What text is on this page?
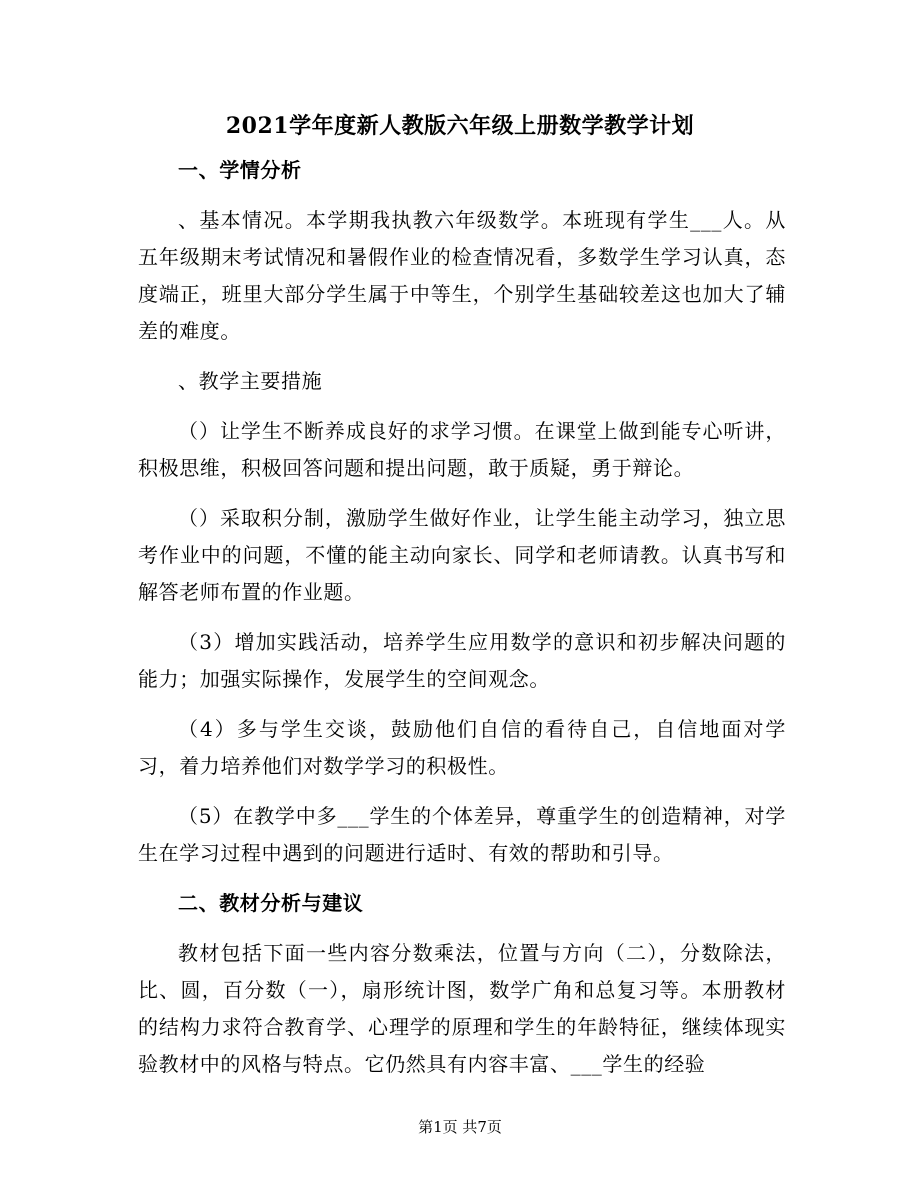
2021学年度新人教版六年级上册数学教学计划
一、学情分析

、基本情况。本学期我执教六年级数学。本班现有学生___人。从五年级期末考试情况和暑假作业的检查情况看，多数学生学习认真，态度端正，班里大部分学生属于中等生，个别学生基础较差这也加大了辅差的难度。

、教学主要措施

（）让学生不断养成良好的求学习惯。在课堂上做到能专心听讲，积极思维，积极回答问题和提出问题，敢于质疑，勇于辩论。

（）采取积分制，激励学生做好作业，让学生能主动学习，独立思考作业中的问题，不懂的能主动向家长、同学和老师请教。认真书写和解答老师布置的作业题。

（3）增加实践活动，培养学生应用数学的意识和初步解决问题的能力；加强实际操作，发展学生的空间观念。

（4）多与学生交谈，鼓励他们自信的看待自己，自信地面对学习，着力培养他们对数学学习的积极性。

（5）在教学中多___学生的个体差异，尊重学生的创造精神，对学生在学习过程中遇到的问题进行适时、有效的帮助和引导。

二、教材分析与建议

教材包括下面一些内容分数乘法，位置与方向（二），分数除法，比、圆，百分数（一），扇形统计图，数学广角和总复习等。本册教材的结构力求符合教育学、心理学的原理和学生的年龄特征，继续体现实验教材中的风格与特点。它仍然具有内容丰富、___学生的经验

第1页 共7页
